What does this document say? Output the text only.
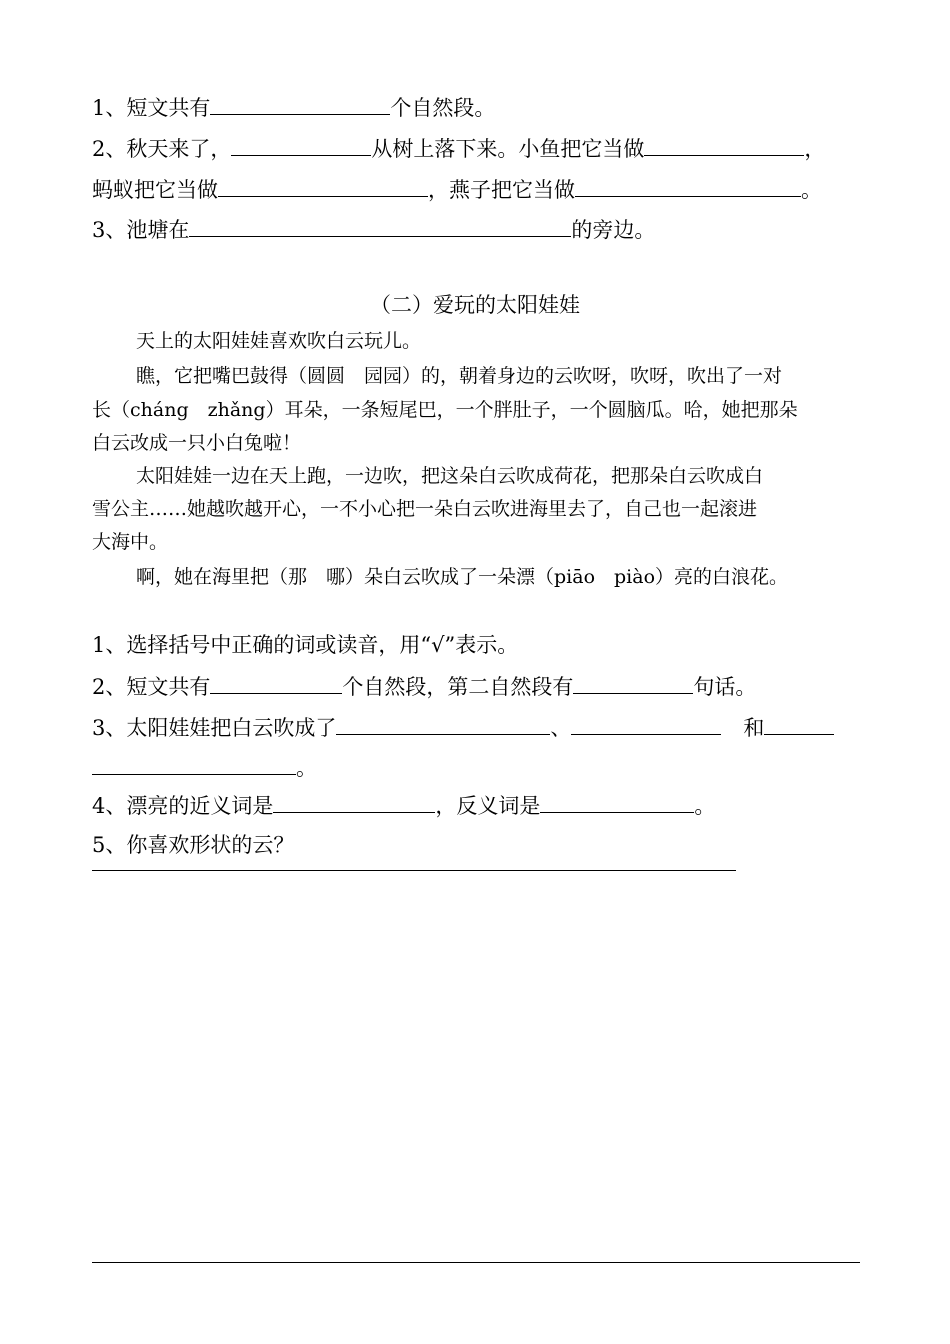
1、短文共有	个自然段。
2、秋天来了，	从树上落下来。小鱼把它当做	，
蚂蚁把它当做	，燕子把它当做	。
3、池塘在	的旁边。
（二）爱玩的太阳娃娃
天上的太阳娃娃喜欢吹白云玩儿。
瞧，它把嘴巴鼓得（圆圆　园园）的，朝着身边的云吹呀，吹呀，吹出了一对
长（cháng　zhǎng）耳朵，一条短尾巴，一个胖肚子，一个圆脑瓜。哈，她把那朵
白云改成一只小白兔啦！
太阳娃娃一边在天上跑，一边吹，把这朵白云吹成荷花，把那朵白云吹成白
雪公主……她越吹越开心，一不小心把一朵白云吹进海里去了，自己也一起滚进
大海中。
啊，她在海里把（那　哪）朵白云吹成了一朵漂（piāo　piào）亮的白浪花。
1、选择括号中正确的词或读音，用“√”表示。
2、短文共有	个自然段，第二自然段有	句话。
3、太阳娃娃把白云吹成了	、	和
。
4、漂亮的近义词是	，反义词是	。
5、你喜欢形状的云？
